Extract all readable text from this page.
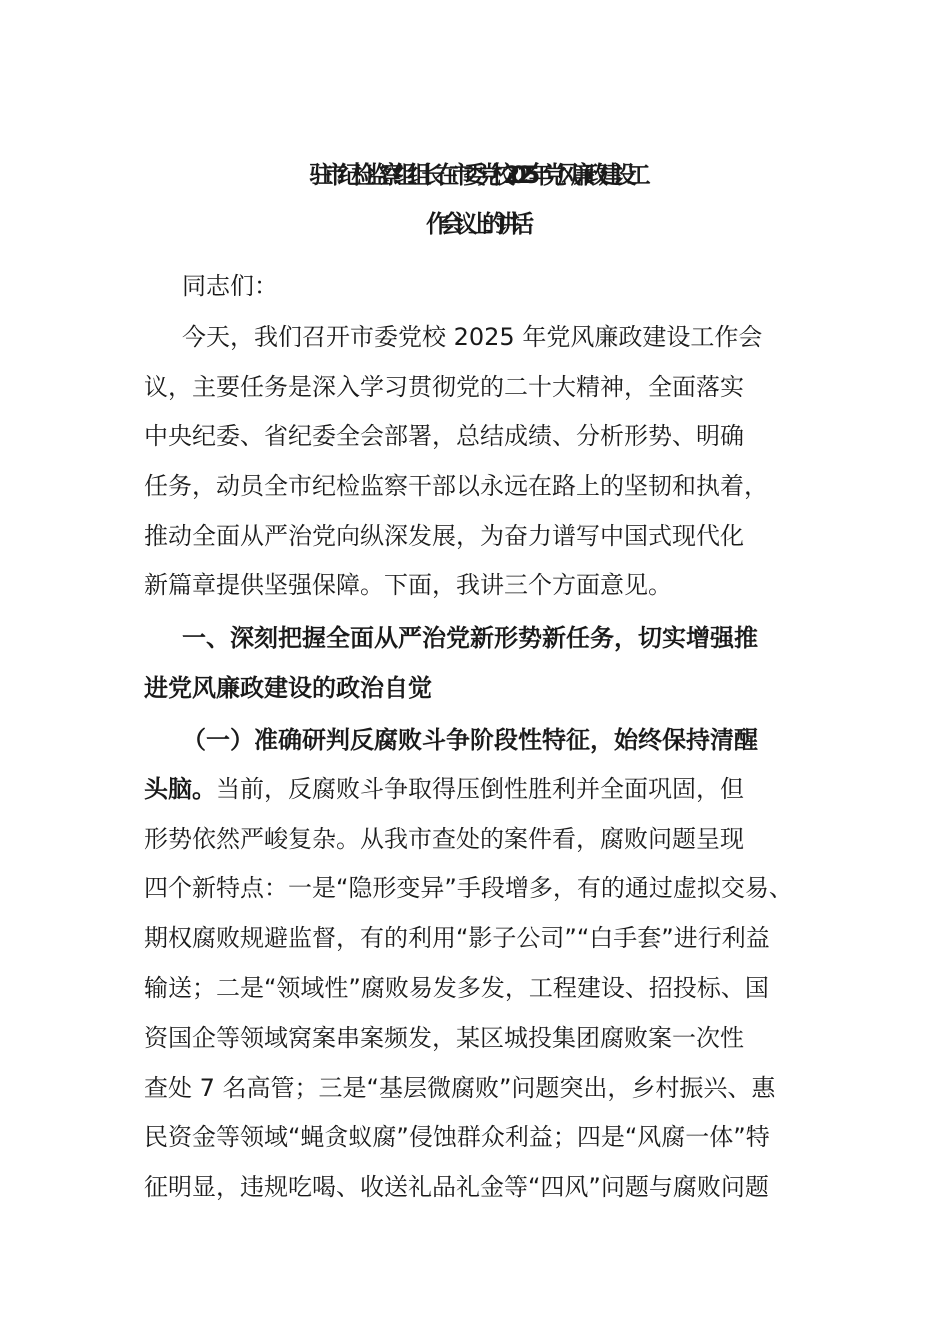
驻市纪检监察组组长在市委党校 2025 年党风廉政建设工
作会议上的讲话
同志们：
今天，我们召开市委党校 2025 年党风廉政建设工作会
议，主要任务是深入学习贯彻党的二十大精神，全面落实
中央纪委、省纪委全会部署，总结成绩、分析形势、明确
任务，动员全市纪检监察干部以永远在路上的坚韧和执着，
推动全面从严治党向纵深发展，为奋力谱写中国式现代化
新篇章提供坚强保障。下面，我讲三个方面意见。
一、深刻把握全面从严治党新形势新任务，切实增强推
进党风廉政建设的政治自觉
（一）准确研判反腐败斗争阶段性特征，始终保持清醒
头脑。当前，反腐败斗争取得压倒性胜利并全面巩固，但
形势依然严峻复杂。从我市查处的案件看，腐败问题呈现
四个新特点：一是“隐形变异”手段增多，有的通过虚拟交易、
期权腐败规避监督，有的利用“影子公司”“白手套”进行利益
输送；二是“领域性”腐败易发多发，工程建设、招投标、国
资国企等领域窝案串案频发，某区城投集团腐败案一次性
查处 7 名高管；三是“基层微腐败”问题突出，乡村振兴、惠
民资金等领域“蝇贪蚁腐”侵蚀群众利益；四是“风腐一体”特
征明显，违规吃喝、收送礼品礼金等“四风”问题与腐败问题
